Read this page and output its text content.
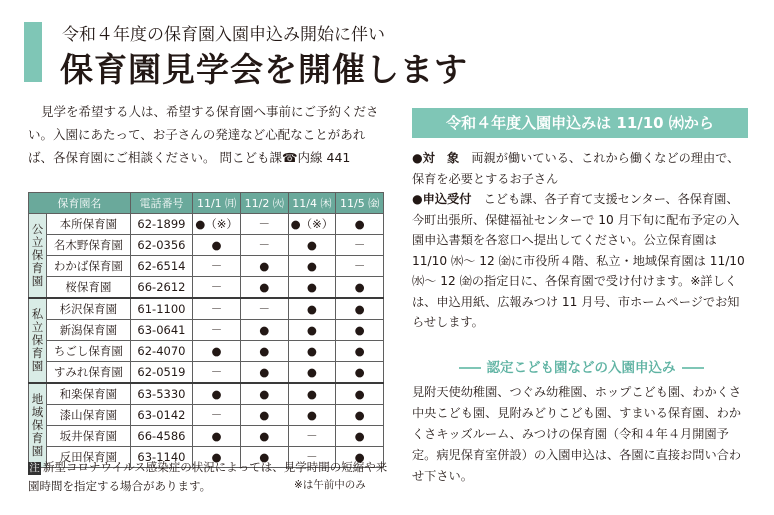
令和４年度の保育園入園申込み開始に伴い
保育園見学会を開催します
見学を希望する人は、希望する保育園へ事前にご予約ください。入園にあたって、お子さんの発達など心配なことがあれば、各保育園にご相談ください。 問こども課☎内線 441
保育園名		電話番号	11/1 ㈪	11/2 ㈫	11/4 ㈭	11/5 ㈮

公
立
保
育
園	本所保育園	62-1899	●（※）	－	●（※）	●
	名木野保育園	62-0356	●	－	●	－
	わかば保育園	62-6514	－	●	●	－
	桜保育園	66-2612	－	●	●	●

私
立
保
育
園	杉沢保育園	61-1100	－	－	●	●
	新潟保育園	63-0641	－	●	●	●
	ちごし保育園	62-4070	●	●	●	●
	すみれ保育園	62-0519	－	●	●	●

地
域
保
育
園	和楽保育園	63-5330	●	●	●	●
	漆山保育園	63-0142	－	●	●	●
	坂井保育園	66-4586	●	●	－	●
	反田保育園	63-1140	●	●	－	●
注 新型コロナウイルス感染症の状況によっては、見学時間の短縮や来園時間を指定する場合があります。	※は午前中のみ
令和４年度入園申込みは 11/10 ㈬から

●対　象　 両親が働いている、これから働くなどの理由で、保育を必要とするお子さん

●申込受付　 こども課、各子育て支援センター、各保育園、今町出張所、保健福祉センターで 10 月下旬に配布予定の入園申込書類を各窓口へ提出してください。公立保育園は 11/10 ㈬～ 12 ㈮に市役所４階、私立・地域保育園は 11/10 ㈬～ 12 ㈮の指定日に、各保育園で受け付けます。※詳しくは、申込用紙、広報みつけ 11 月号、市ホームページでお知らせします。

認定こども園などの入園申込み
見附天使幼稚園、つぐみ幼稚園、ホップこども園、わかくさ中央こども園、見附みどりこども園、すまいる保育園、わかくさキッズルーム、みつけの保育園（令和４年４月開園予定。病児保育室併設）の入園申込は、各園に直接お問い合わせ下さい。
